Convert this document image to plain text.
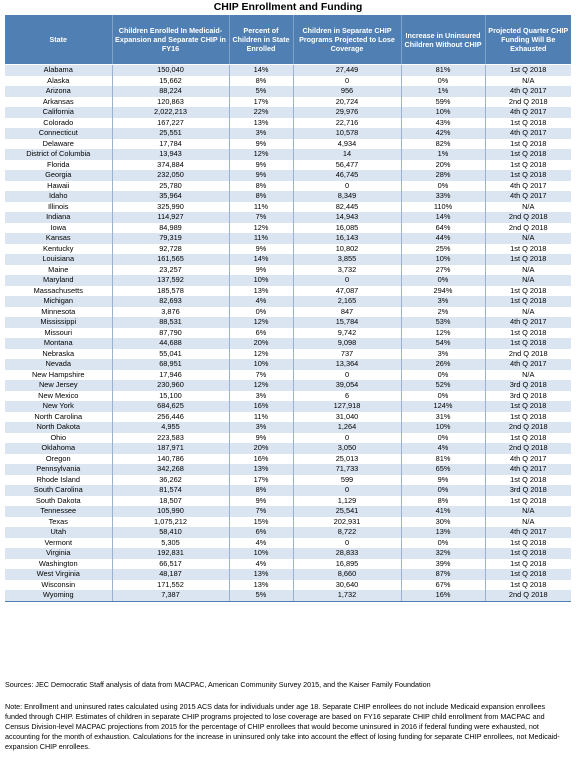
CHIP Enrollment and Funding
State	Children Enrolled In Medicaid-Expansion and Separate CHIP in FY16	Percent of Children in State Enrolled	Children in Separate CHIP Programs Projected to Lose Coverage	Increase in Uninsured Children Without CHIP	Projected Quarter CHIP Funding Will Be Exhausted
Alabama	150,040	14%	27,449	81%	1st Q 2018
Alaska	15,662	8%	0	0%	N/A
Arizona	88,224	5%	956	1%	4th Q 2017
Arkansas	120,863	17%	20,724	59%	2nd Q 2018
California	2,022,213	22%	29,976	10%	4th Q 2017
Colorado	167,227	13%	22,716	43%	1st Q 2018
Connecticut	25,551	3%	10,578	42%	4th Q 2017
Delaware	17,784	9%	4,934	82%	1st Q 2018
District of Columbia	13,943	12%	14	1%	1st Q 2018
Florida	374,884	9%	56,477	20%	1st Q 2018
Georgia	232,050	9%	46,745	28%	1st Q 2018
Hawaii	25,780	8%	0	0%	4th Q 2017
Idaho	35,964	8%	8,349	33%	4th Q 2017
Illinois	325,990	11%	82,445	110%	N/A
Indiana	114,927	7%	14,943	14%	2nd Q 2018
Iowa	84,989	12%	16,085	64%	2nd Q 2018
Kansas	79,319	11%	16,143	44%	N/A
Kentucky	92,728	9%	10,802	25%	1st Q 2018
Louisiana	161,565	14%	3,855	10%	1st Q 2018
Maine	23,257	9%	3,732	27%	N/A
Maryland	137,592	10%	0	0%	N/A
Massachusetts	185,578	13%	47,087	294%	1st Q 2018
Michigan	82,693	4%	2,165	3%	1st Q 2018
Minnesota	3,876	0%	847	2%	N/A
Mississippi	88,531	12%	15,784	53%	4th Q 2017
Missouri	87,790	6%	9,742	12%	1st Q 2018
Montana	44,688	20%	9,098	54%	1st Q 2018
Nebraska	55,041	12%	737	3%	2nd Q 2018
Nevada	68,951	10%	13,364	26%	4th Q 2017
New Hampshire	17,946	7%	0	0%	N/A
New Jersey	230,960	12%	39,054	52%	3rd Q 2018
New Mexico	15,100	3%	6	0%	3rd Q 2018
New York	684,625	16%	127,918	124%	1st Q 2018
North Carolina	256,446	11%	31,040	31%	1st Q 2018
North Dakota	4,955	3%	1,264	10%	2nd Q 2018
Ohio	223,583	9%	0	0%	1st Q 2018
Oklahoma	187,971	20%	3,050	4%	2nd Q 2018
Oregon	140,786	16%	25,013	81%	4th Q 2017
Pennsylvania	342,268	13%	71,733	65%	4th Q 2017
Rhode Island	36,262	17%	599	9%	1st Q 2018
South Carolina	81,574	8%	0	0%	3rd Q 2018
South Dakota	18,507	9%	1,129	8%	1st Q 2018
Tennessee	105,990	7%	25,541	41%	N/A
Texas	1,075,212	15%	202,931	30%	N/A
Utah	58,410	6%	8,722	13%	4th Q 2017
Vermont	5,305	4%	0	0%	1st Q 2018
Virginia	192,831	10%	28,833	32%	1st Q 2018
Washington	66,517	4%	16,895	39%	1st Q 2018
West Virginia	48,187	13%	8,660	87%	1st Q 2018
Wisconsin	171,552	13%	30,640	67%	1st Q 2018
Wyoming	7,387	5%	1,732	16%	2nd Q 2018
Sources: JEC Democratic Staff analysis of data from MACPAC, American Community Survey 2015, and the Kaiser Family Foundation
Note: Enrollment and uninsured rates calculated using 2015 ACS data for individuals under age 18. Separate CHIP enrollees do not include Medicaid expansion enrollees funded through CHIP. Estimates of children in separate CHIP programs projected to lose coverage are based on FY16 separate CHIP child enrollment from MACPAC and Census Division-level MACPAC projections from 2015 for the percentage of CHIP enrollees that would become uninsured in 2016 if federal funding were exhausted, not accounting for the month of exhaustion. Calculations for the increase in uninsured only take into account the effect of losing funding for separate CHIP enrollees, not Medicaid-expansion CHIP enrollees.
